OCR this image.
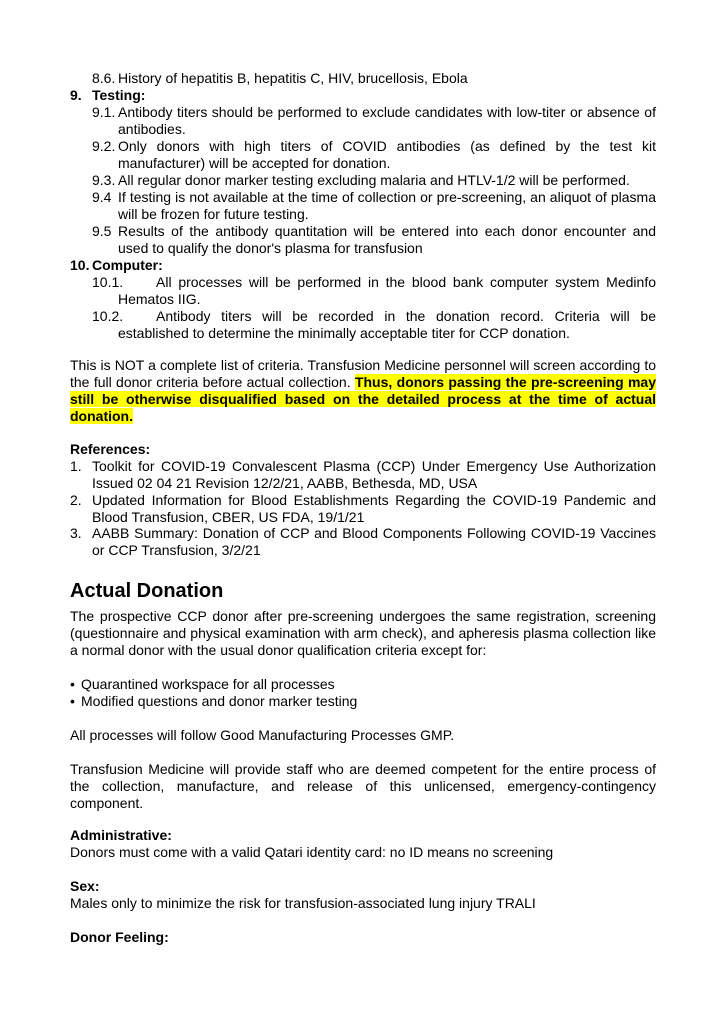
8.6. History of hepatitis B, hepatitis C, HIV, brucellosis, Ebola
9. Testing:
9.1. Antibody titers should be performed to exclude candidates with low-titer or absence of antibodies.
9.2. Only donors with high titers of COVID antibodies (as defined by the test kit manufacturer) will be accepted for donation.
9.3. All regular donor marker testing excluding malaria and HTLV-1/2 will be performed.
9.4 If testing is not available at the time of collection or pre-screening, an aliquot of plasma will be frozen for future testing.
9.5 Results of the antibody quantitation will be entered into each donor encounter and used to qualify the donor's plasma for transfusion
10. Computer:
10.1.	All processes will be performed in the blood bank computer system Medinfo Hematos IIG.
10.2.	Antibody titers will be recorded in the donation record. Criteria will be established to determine the minimally acceptable titer for CCP donation.
This is NOT a complete list of criteria. Transfusion Medicine personnel will screen according to the full donor criteria before actual collection. Thus, donors passing the pre-screening may still be otherwise disqualified based on the detailed process at the time of actual donation.
References:
1. Toolkit for COVID-19 Convalescent Plasma (CCP) Under Emergency Use Authorization Issued 02 04 21 Revision 12/2/21, AABB, Bethesda, MD, USA
2. Updated Information for Blood Establishments Regarding the COVID-19 Pandemic and Blood Transfusion, CBER, US FDA, 19/1/21
3. AABB Summary: Donation of CCP and Blood Components Following COVID-19 Vaccines or CCP Transfusion, 3/2/21
Actual Donation
The prospective CCP donor after pre-screening undergoes the same registration, screening (questionnaire and physical examination with arm check), and apheresis plasma collection like a normal donor with the usual donor qualification criteria except for:
• Quarantined workspace for all processes
• Modified questions and donor marker testing
All processes will follow Good Manufacturing Processes GMP.
Transfusion Medicine will provide staff who are deemed competent for the entire process of the collection, manufacture, and release of this unlicensed, emergency-contingency component.
Administrative:
Donors must come with a valid Qatari identity card: no ID means no screening
Sex:
Males only to minimize the risk for transfusion-associated lung injury TRALI
Donor Feeling:
